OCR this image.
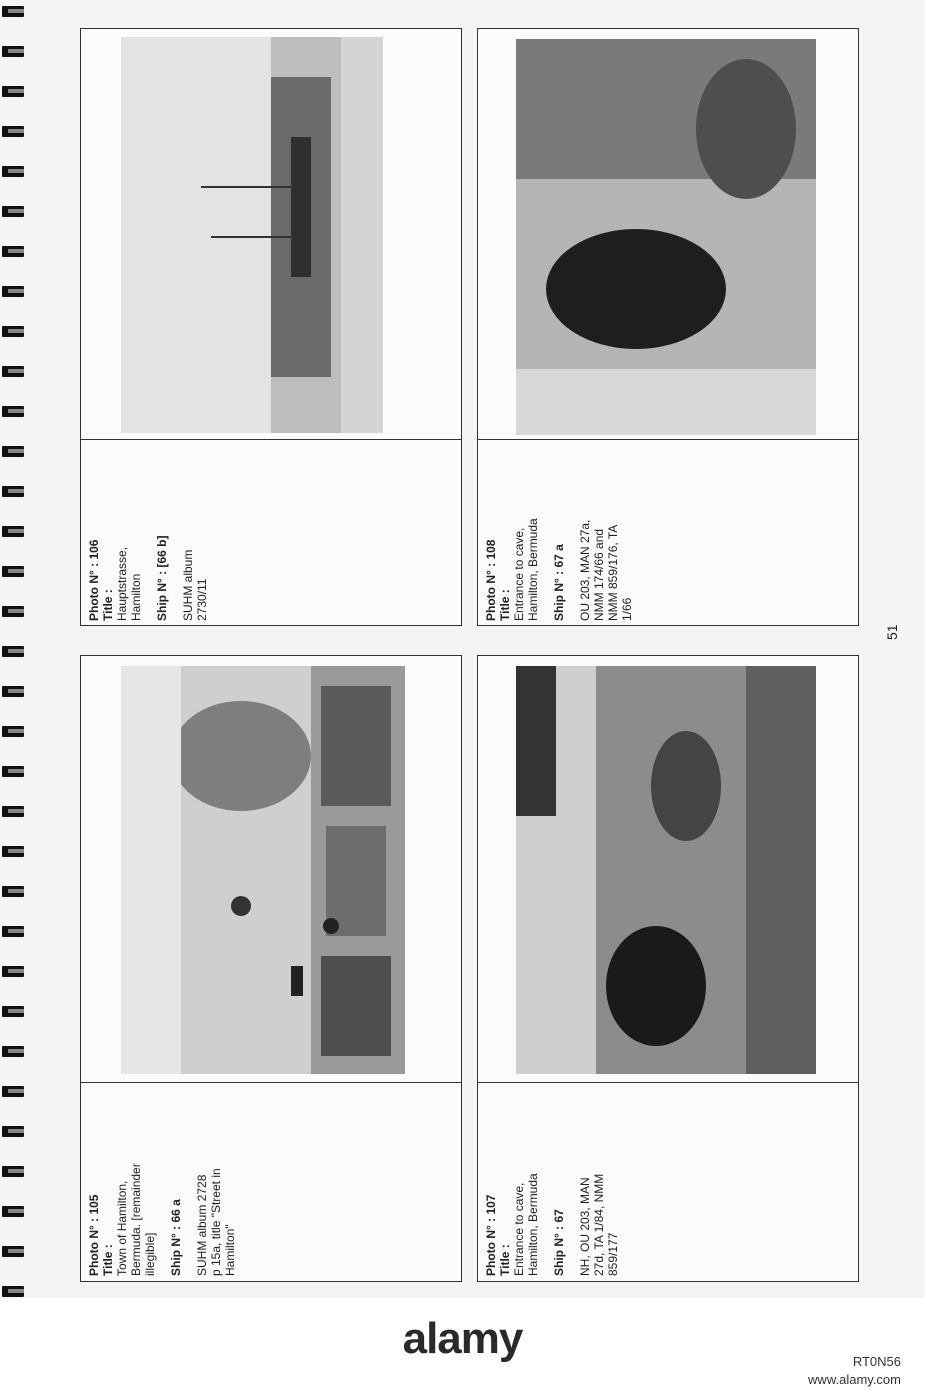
Photo N° : 105 Title : Town of Hamilton, Bermuda. [remainder illegible] Ship N° : 66 a SUHM album 2728 p 15a, title "Street in Hamilton"

Photo N° : 106 Title : Hauptstrasse, Hamilton Ship N° : [66 b] SUHM album 2730/11

Photo N° : 107 Title : Entrance to cave, Hamilton, Bermuda Ship N° : 67 NH, OU 203, MAN 27d, TA 1/84, NMM 859/177

Photo N° : 108 Title : Entrance to cave, Hamilton, Bermuda Ship N° : 67 a OU 203, MAN 27a, NMM 174/66 and NMM 859/176, TA 1/66

51
alamy	RT0N56
www.alamy.com
